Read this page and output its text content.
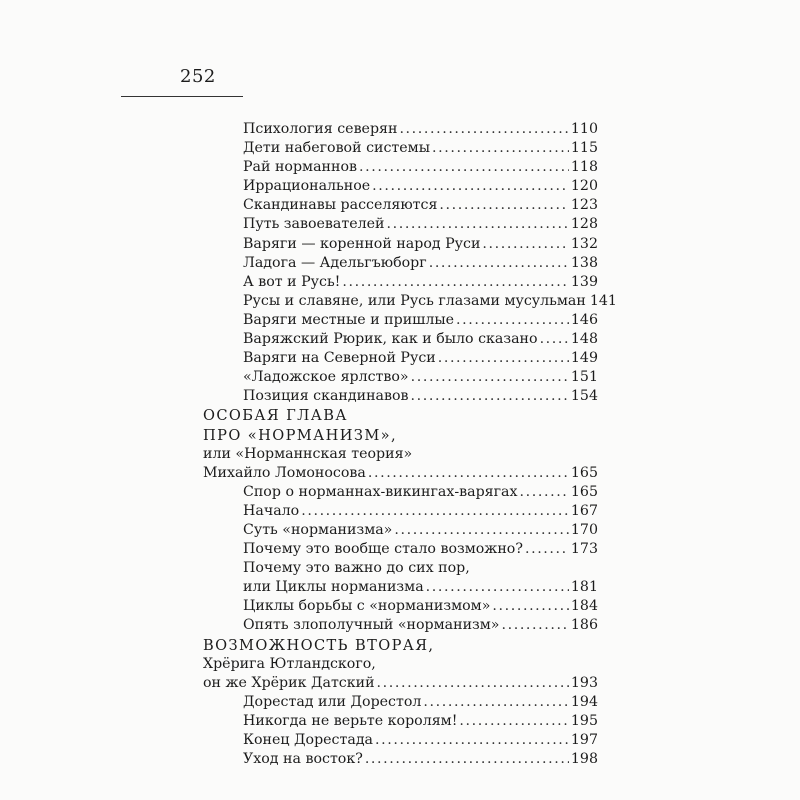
252
Психология северян .....	110
Дети набеговой системы .....	115
Рай норманнов .....	118
Иррациональное .....	120
Скандинавы расселяются .....	123
Путь завоевателей .....	128
Варяги — коренной народ Руси .....	132
Ладога — Адельгъюборг .....	138
А вот и Русь! .....	139
Русы и славяне, или Русь глазами мусульман 141
Варяги местные и пришлые .....	146
Варяжский Рюрик, как и было сказано ..... 148
Варяги на Северной Руси .....	149
«Ладожское ярлство» .....	151
Позиция скандинавов .....	154
ОСОБАЯ ГЛАВА
ПРО «НОРМАНИЗМ»,
или «Норманнская теория»
Михайло Ломоносова .....	165
Спор о норманнах-викингах-варягах .....	165
Начало .....	167
Суть «норманизма» .....	170
Почему это вообще стало возможно? .....	173
Почему это важно до сих пор,
или Циклы норманизма .....	181
Циклы борьбы с «норманизмом» .....	184
Опять злополучный «норманизм» .....	186
ВОЗМОЖНОСТЬ ВТОРАЯ,
Хрёрига Ютландского,
он же Хрёрик Датский .....	193
Дорестад или Дорестол .....	194
Никогда не верьте королям! .....	195
Конец Дорестада .....	197
Уход на восток? .....	198
